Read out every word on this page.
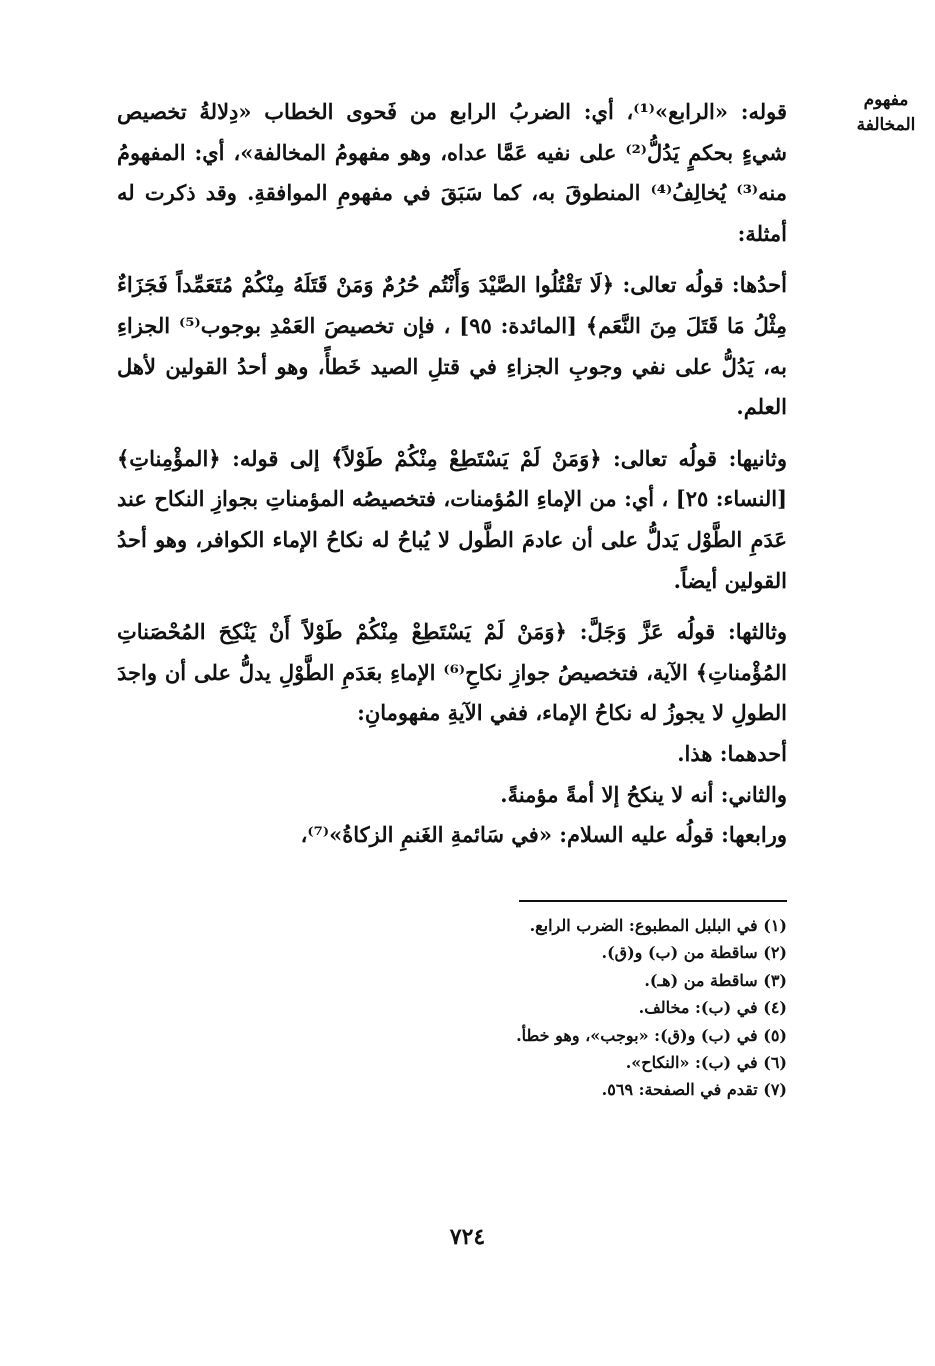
مفهوم
المخالفة

قوله: «الرابع»⁽¹⁾، أي: الضربُ الرابع من فَحوى الخطاب «دِلالةُ تخصيص شيءٍ بحكمٍ يَدُلُّ⁽²⁾ على نفيه عَمَّا عداه، وهو مفهومُ المخالفة»، أي: المفهومُ منه⁽³⁾ يُخالِفُ⁽⁴⁾ المنطوقَ به، كما سَبَقَ في مفهومِ الموافقةِ. وقد ذكرت له أمثلة:

أحدُها: قولُه تعالى: ﴿لَا تَقْتُلُوا الصَّيْدَ وَأَنْتُم حُرُمٌ وَمَنْ قَتَلَهُ مِنْكُمْ مُتَعَمِّداً فَجَزَاءٌ مِثْلُ مَا قَتَلَ مِنَ النَّعَم﴾ [المائدة: ٩٥] ، فإن تخصيصَ العَمْدِ بوجوب⁽⁵⁾ الجزاءِ به، يَدُلُّ على نفي وجوبِ الجزاءِ في قتلِ الصيد خَطأً، وهو أحدُ القولين لأهل العلم.

وثانيها: قولُه تعالى: ﴿وَمَنْ لَمْ يَسْتَطِعْ مِنْكُمْ طَوْلاً﴾ إلى قوله: ﴿المؤْمِناتِ﴾ [النساء: ٢٥] ، أي: من الإماءِ المُؤمنات، فتخصيصُه المؤمناتِ بجوازِ النكاح عند عَدَمِ الطَّوْل يَدلُّ على أن عادمَ الطَّول لا يُباحُ له نكاحُ الإماء الكوافر، وهو أحدُ القولين أيضاً.

وثالثها: قولُه عَزَّ وَجَلَّ: ﴿وَمَنْ لَمْ يَسْتَطِعْ مِنْكُمْ طَوْلاً أَنْ يَنْكِحَ المُحْصَناتِ المُؤْمناتِ﴾ الآية، فتخصيصُ جوازِ نكاحِ⁽⁶⁾ الإماءِ بعَدَمِ الطَّوْلِ يدلُّ على أن واجدَ الطولِ لا يجوزُ له نكاحُ الإماء، ففي الآيةِ مفهومانِ:

أحدهما: هذا.

والثاني: أنه لا ينكحُ إلا أمةً مؤمنةً.

ورابعها: قولُه عليه السلام: «في سَائمةِ الغَنمِ الزكاةُ»⁽⁷⁾،

(١) في البلبل المطبوع: الضرب الرابع.
(٢) ساقطة من (ب) و(ق).
(٣) ساقطة من (هـ).
(٤) في (ب): مخالف.
(٥) في (ب) و(ق): «بوجب»، وهو خطأ.
(٦) في (ب): «النكاح».
(٧) تقدم في الصفحة: ٥٦٩.
٧٢٤
